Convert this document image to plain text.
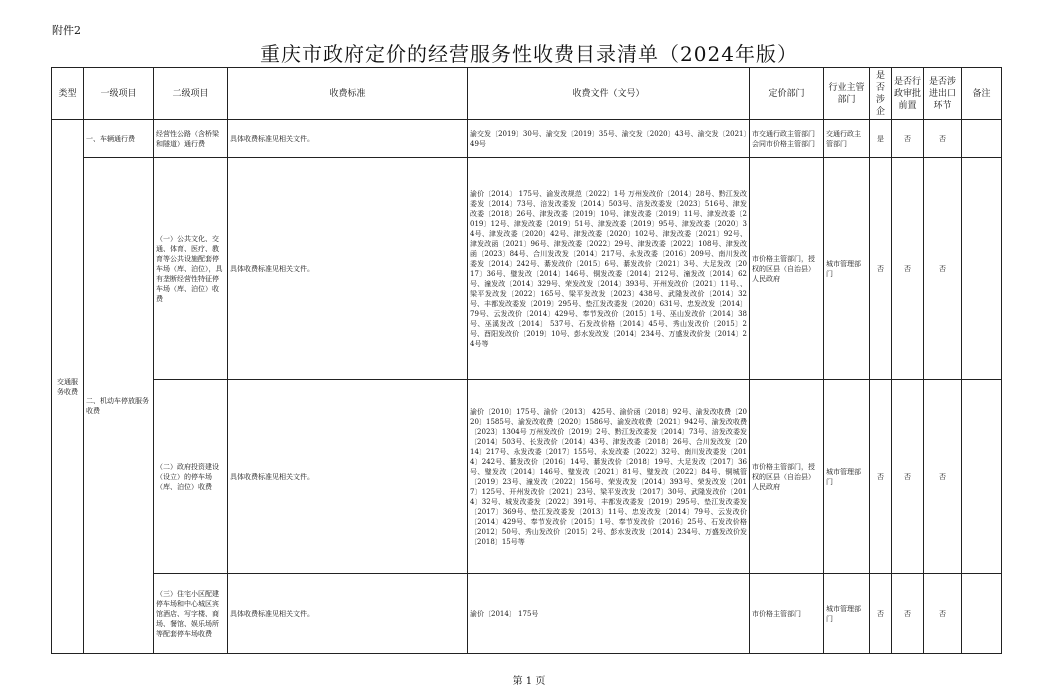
附件2
重庆市政府定价的经营服务性收费目录清单（2024年版）
类型	一级项目	二级项目	收费标准	收费文件（文号）	定价部门	行业主管部门	是否涉企	是否行政审批前置	是否涉进出口环节	备注
交通服务收费	一、车辆通行费	经营性公路（含桥梁和隧道）通行费	具体收费标准见相关文件。	渝交发〔2019〕30号、渝交发〔2019〕35号、渝交发〔2020〕43号、渝交发〔2021〕49号	市交通行政主管部门会同市价格主管部门	交通行政主管部门	是	否	否	
	二、机动车停放服务收费	（一）公共文化、交通、体育、医疗、教育等公共设施配套停车场（库、泊位），具有垄断经营性特征停车场（库、泊位）收费	具体收费标准见相关文件。	渝价〔2014〕 175号、渝发改规范〔2022〕1号 万州发改价〔2014〕28号、黔江发改委发〔2014〕73号、涪发改委发〔2014〕503号、涪发改委发〔2023〕516号、津发改委〔2018〕26号、津发改委〔2019〕10号、津发改委〔2019〕11号、津发改委〔2019〕12号、津发改委〔2019〕51号、津发改委〔2019〕95号、津发改委〔2020〕34号、津发改委〔2020〕42号、津发改委〔2020〕102号、津发改委〔2021〕92号、津发改函〔2021〕96号、津发改委〔2022〕29号、津发改委〔2022〕108号、津发改函〔2023〕84号、合川发改发〔2014〕217号、永发改委〔2016〕209号、南川发改委发〔2014〕242号、綦发改价〔2015〕6号、綦发改价〔2021〕3号、大足发改〔2017〕36号、璧发改〔2014〕146号、铜发改委〔2014〕212号、潼发改〔2014〕62号、潼发改〔2014〕329号、荣发改发〔2014〕393号、开州发改价〔2021〕11号、、梁平发改发〔2022〕165号、梁平发改发〔2023〕438号、武隆发改价〔2014〕32号、丰都发改委发〔2019〕295号、垫江发改委发〔2020〕631号、忠发改发〔2014〕79号、云发改价〔2014〕429号、奉节发改价〔2015〕1号、巫山发改价〔2014〕38号、巫溪发改〔2014〕 537号、石发改价格〔2014〕45号、秀山发改价〔2015〕2号、酉阳发改价〔2019〕10号、彭水发改发〔2014〕234号、万盛发改价发〔2014〕24号等	市价格主管部门，授权的区县（自治县）人民政府	城市管理部门	否	否	否	
		（二）政府投资建设（设立）的停车场（库、泊位）收费	具体收费标准见相关文件。	渝价〔2010〕175号、渝价〔2013〕 425号、渝价函〔2018〕92号、渝发改收费〔2020〕1585号、渝发改收费〔2020〕1586号、渝发改收费〔2021〕942号、渝发改收费〔2023〕1304号 万州发改价〔2019〕2号、黔江发改委发〔2014〕73号、涪发改委发〔2014〕503号、长发改价〔2014〕43号、津发改委〔2018〕26号、合川发改发〔2014〕217号、永发改委〔2017〕155号、永发改委〔2022〕32号、南川发改委发〔2014〕242号、綦发改价〔2016〕14号、綦发改价〔2018〕19号、大足发改〔2017〕36号、璧发改〔2014〕146号、璧发改〔2021〕81号、璧发改〔2022〕84号、铜城管〔2019〕23号、潼发改〔2022〕156号、荣发改发〔2014〕393号、荣发改发〔2017〕125号、开州发改价〔2021〕23号、梁平发改发〔2017〕30号、武隆发改价〔2014〕32号、城发改委发〔2022〕391号、丰都发改委发〔2019〕295号、垫江发改委发〔2017〕369号、垫江发改委发〔2013〕11号、忠发改发〔2014〕79号、云发改价〔2014〕429号、奉节发改价〔2015〕1号、奉节发改价〔2016〕25号、石发改价格〔2012〕50号、秀山发改价〔2015〕2号、彭水发改发〔2014〕234号、万盛发改价发〔2018〕15号等	市价格主管部门，授权的区县（自治县）人民政府	城市管理部门	否	否	否	
		（三）住宅小区配建停车场和中心城区宾馆酒店、写字楼、商场、餐馆、娱乐场所等配套停车场收费	具体收费标准见相关文件。	渝价〔2014〕 175号	市价格主管部门	城市管理部门	否	否	否	
第 1 页
